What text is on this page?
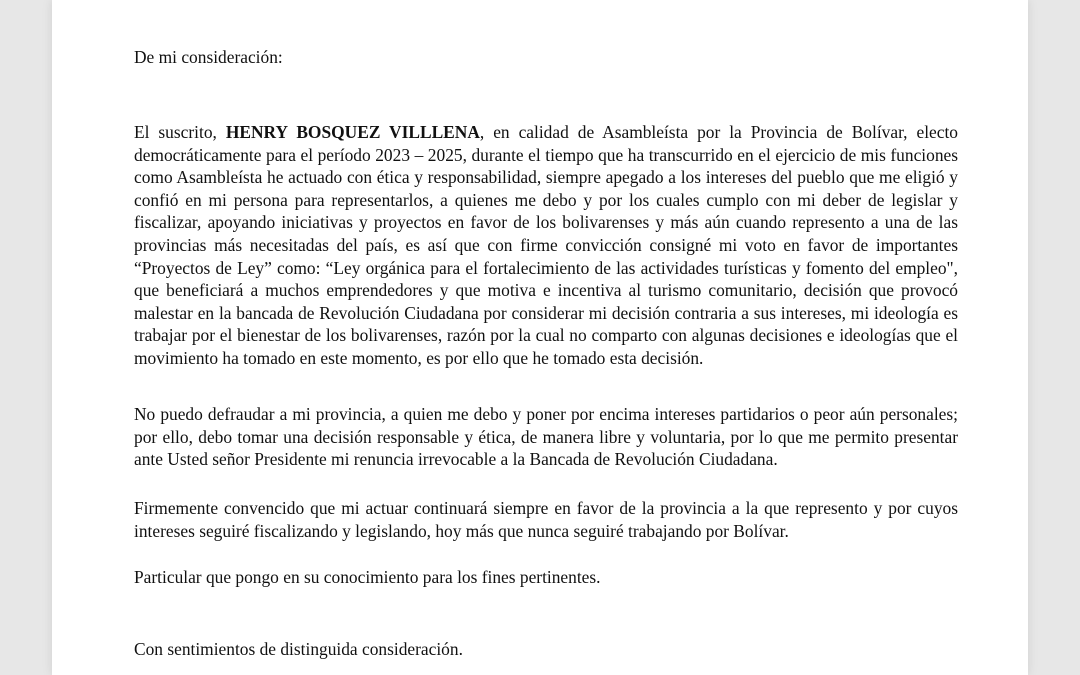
De mi consideración:

El suscrito, HENRY BOSQUEZ VILLLENA, en calidad de Asambleísta por la Provincia de Bolívar, electo democráticamente para el período 2023 – 2025, durante el tiempo que ha transcurrido en el ejercicio de mis funciones como Asambleísta he actuado con ética y responsabilidad, siempre apegado a los intereses del pueblo que me eligió y confió en mi persona para representarlos, a quienes me debo y por los cuales cumplo con mi deber de legislar y fiscalizar, apoyando iniciativas y proyectos en favor de los bolivarenses y más aún cuando represento a una de las provincias más necesitadas del país, es así que con firme convicción consigné mi voto en favor de importantes “Proyectos de Ley” como: “Ley orgánica para el fortalecimiento de las actividades turísticas y fomento del empleo", que beneficiará a muchos emprendedores y que motiva e incentiva al turismo comunitario, decisión que provocó malestar en la bancada de Revolución Ciudadana por considerar mi decisión contraria a sus intereses, mi ideología es trabajar por el bienestar de los bolivarenses, razón por la cual no comparto con algunas decisiones e ideologías que el movimiento ha tomado en este momento, es por ello que he tomado esta decisión.

No puedo defraudar a mi provincia, a quien me debo y poner por encima intereses partidarios o peor aún personales; por ello, debo tomar una decisión responsable y ética, de manera libre y voluntaria, por lo que me permito presentar ante Usted señor Presidente mi renuncia irrevocable a la Bancada de Revolución Ciudadana.

Firmemente convencido que mi actuar continuará siempre en favor de la provincia a la que represento y por cuyos intereses seguiré fiscalizando y legislando, hoy más que nunca seguiré trabajando por Bolívar.

Particular que pongo en su conocimiento para los fines pertinentes.

Con sentimientos de distinguida consideración.
